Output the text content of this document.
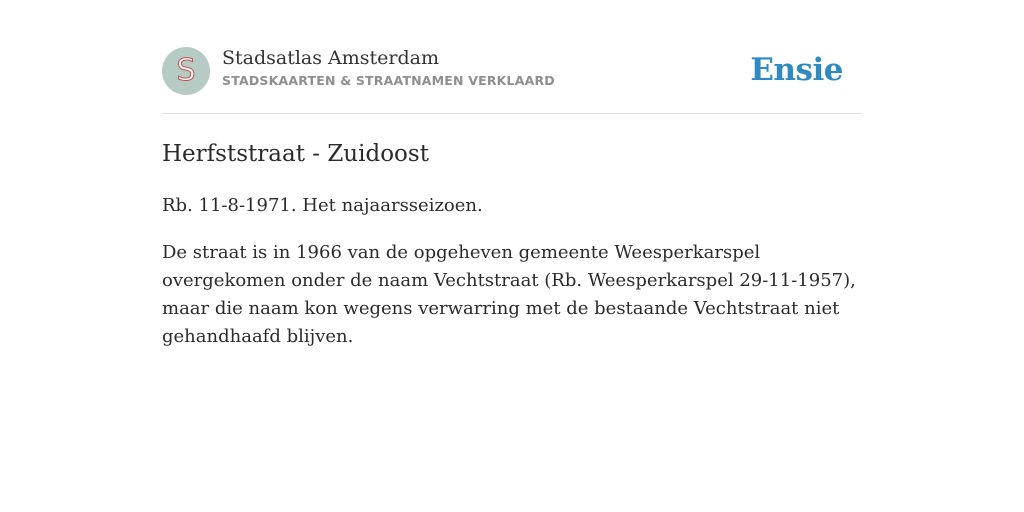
S Stadsatlas Amsterdam
STADSKAARTEN & STRAATNAMEN VERKLAARD	Ensie
Herfststraat - Zuidoost

Rb. 11-8-1971. Het najaarsseizoen.

De straat is in 1966 van de opgeheven gemeente Weesperkarspel overgekomen onder de naam Vechtstraat (Rb. Weesperkarspel 29-11-1957), maar die naam kon wegens verwarring met de bestaande Vechtstraat niet gehandhaafd blijven.
